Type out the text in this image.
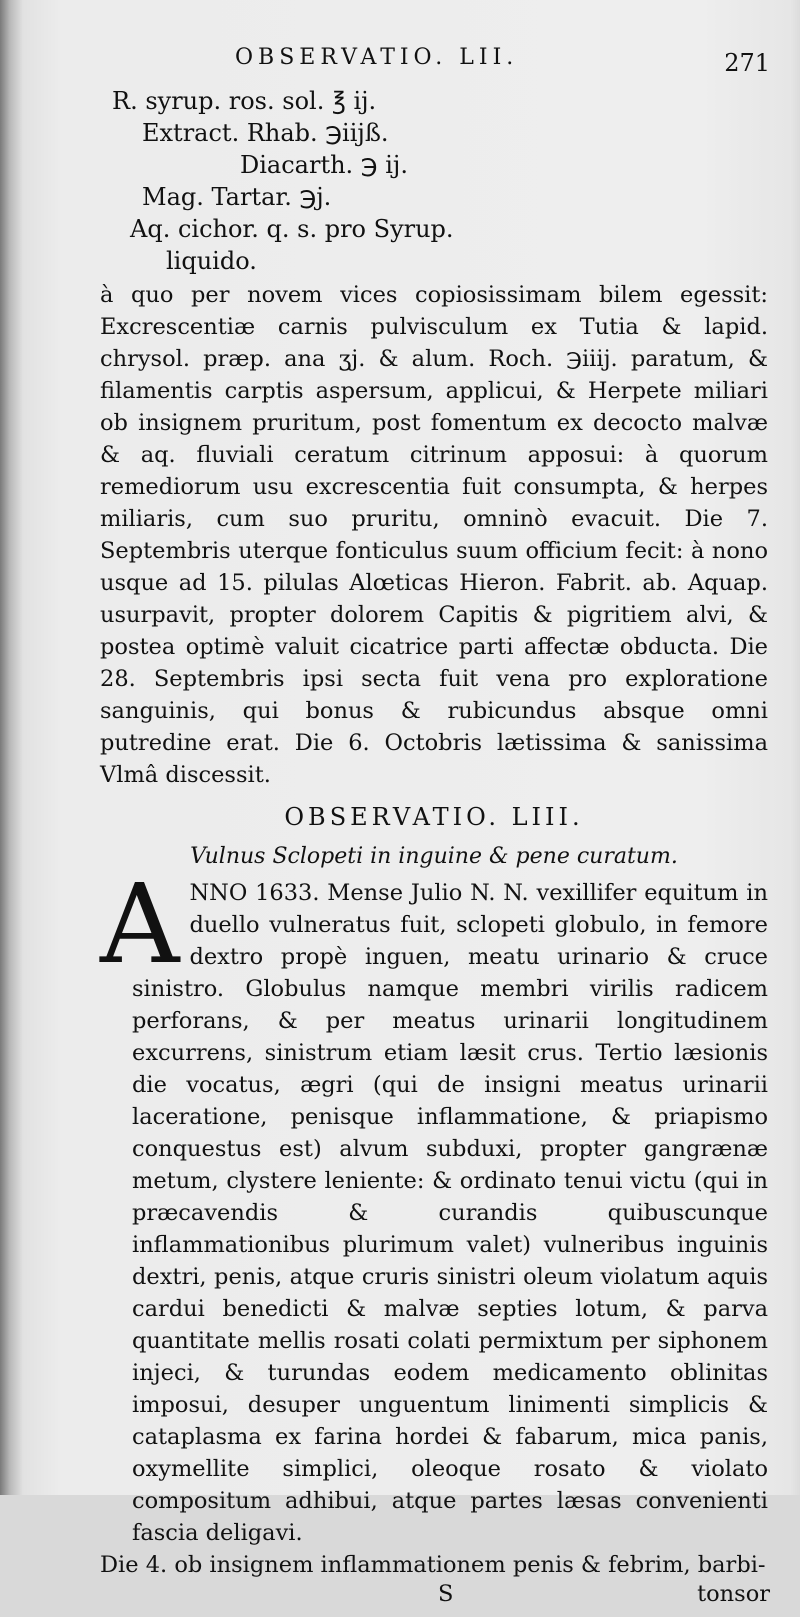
OBSERVATIO. LII.	271
R. syrup. ros. sol. ℥ ij.
Extract. Rhab. ℈iiјß.
Diacarth. ℈ ij.
Mag. Tartar. ℈j.
Aq. cichor. q. s. pro Syrup.
liquido.

à quo per novem vices copiosissimam bilem egessit: Excrescentiæ carnis pulvisculum ex Tutia & lapid. chrysol. præp. ana ʒj. & alum. Roch. ℈iiij. paratum, & filamentis carptis aspersum, applicui, & Herpete miliari ob insignem pruritum, post fomentum ex decocto malvæ & aq. fluviali ceratum citrinum apposui: à quorum remediorum usu excrescentia fuit consumpta, & herpes miliaris, cum suo pruritu, omninò evacuit. Die 7. Septembris uterque fonticulus suum officium fecit: à nono usque ad 15. pilulas Alœticas Hieron. Fabrit. ab. Aquap. usurpavit, propter dolorem Capitis & pigritiem alvi, & postea optimè valuit cicatrice parti affectæ obducta. Die 28. Septembris ipsi secta fuit vena pro exploratione sanguinis, qui bonus & rubicundus absque omni putredine erat. Die 6. Octobris lætissima & sanissima Vlmâ discessit.

OBSERVATIO. LIII.
Vulnus Sclopeti in inguine & pene curatum.

A NNO 1633. Mense Julio N. N. vexillifer equitum in duello vulneratus fuit, sclopeti globulo, in femore dextro propè inguen, meatu urinario & cruce sinistro. Globulus namque membri virilis radicem perforans, & per meatus urinarii longitudinem excurrens, sinistrum etiam læsit crus. Tertio læsionis die vocatus, ægri (qui de insigni meatus urinarii laceratione, penisque inflammatione, & priapismo conquestus est) alvum subduxi, propter gangrænæ metum, clystere leniente: & ordinato tenui victu (qui in præcavendis & curandis quibuscunque inflammationibus plurimum valet) vulneribus inguinis dextri, penis, atque cruris sinistri oleum violatum aquis cardui benedicti & malvæ septies lotum, & parva quantitate mellis rosati colati permixtum per siphonem injeci, & turundas eodem medicamento oblinitas imposui, desuper unguentum linimenti simplicis & cataplasma ex farina hordei & fabarum, mica panis, oxymellite simplici, oleoque rosato & violato compositum adhibui, atque partes læsas convenienti fascia deligavi.

Die 4. ob insignem inflammationem penis & febrim, barbi-

S	tonsor
